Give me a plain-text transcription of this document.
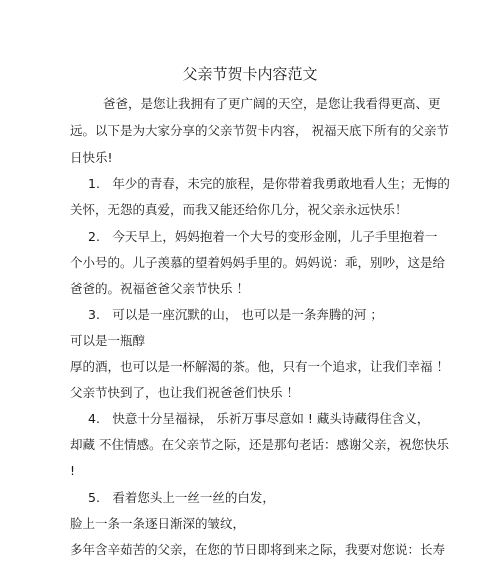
父亲节贺卡内容范文
爸爸，是您让我拥有了更广阔的天空，是您让我看得更高、更
远。以下是为大家分享的父亲节贺卡内容， 祝福天底下所有的父亲节
日快乐!
1.　年少的青春，未完的旅程，是你带着我勇敢地看人生；无悔的
关怀，无怨的真爱，而我又能还给你几分，祝父亲永远快乐！
2.　今天早上，妈妈抱着一个大号的变形金刚，儿子手里抱着一
个小号的。儿子羡慕的望着妈妈手里的。妈妈说：乖，别吵，这是给
爸爸的。祝福爸爸父亲节快乐 ！
3.　可以是一座沉默的山， 也可以是一条奔腾的河 ；
可以是一瓶醇
厚的酒，也可以是一杯解渴的茶。他，只有一个追求，让我们幸福 ！
父亲节快到了，也让我们祝爸爸们快乐 ！
4.　快意十分呈福禄， 乐祈万事尽意如 ! 藏头诗藏得住含义，
却藏 不住情感。在父亲节之际，还是那句老话：感谢父亲，祝您快乐
!
5.　看着您头上一丝一丝的白发，
脸上一条一条逐日渐深的皱纹，
多年含辛茹苦的父亲，在您的节日即将到来之际，我要对您说：长寿
